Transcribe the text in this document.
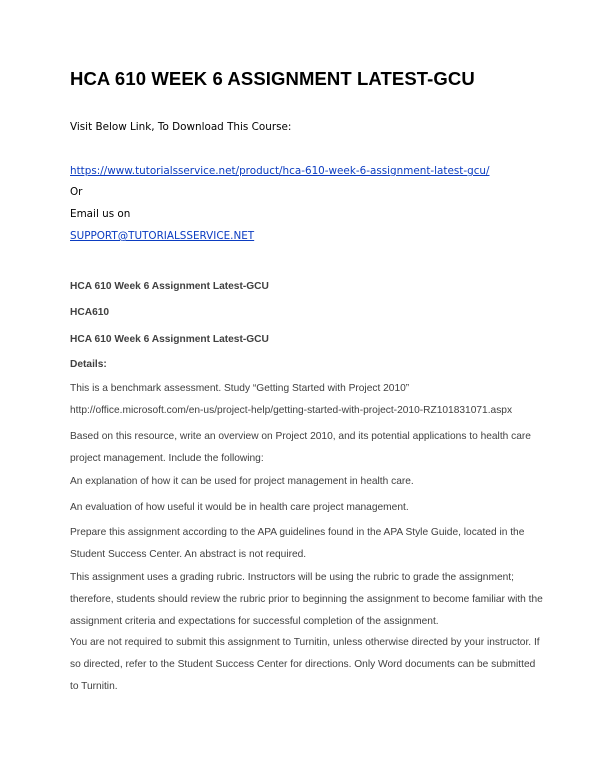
HCA 610 WEEK 6 ASSIGNMENT LATEST-GCU
Visit Below Link, To Download This Course:
https://www.tutorialsservice.net/product/hca-610-week-6-assignment-latest-gcu/
Or
Email us on
SUPPORT@TUTORIALSSERVICE.NET
HCA 610 Week 6 Assignment Latest-GCU
HCA610
HCA 610 Week 6 Assignment Latest-GCU
Details:
This is a benchmark assessment. Study “Getting Started with Project 2010” http://office.microsoft.com/en-us/project-help/getting-started-with-project-2010-RZ101831071.aspx
Based on this resource, write an overview on Project 2010, and its potential applications to health care project management. Include the following:
An explanation of how it can be used for project management in health care.
An evaluation of how useful it would be in health care project management.
Prepare this assignment according to the APA guidelines found in the APA Style Guide, located in the Student Success Center. An abstract is not required.
This assignment uses a grading rubric. Instructors will be using the rubric to grade the assignment; therefore, students should review the rubric prior to beginning the assignment to become familiar with the assignment criteria and expectations for successful completion of the assignment.
You are not required to submit this assignment to Turnitin, unless otherwise directed by your instructor. If so directed, refer to the Student Success Center for directions. Only Word documents can be submitted to Turnitin.
